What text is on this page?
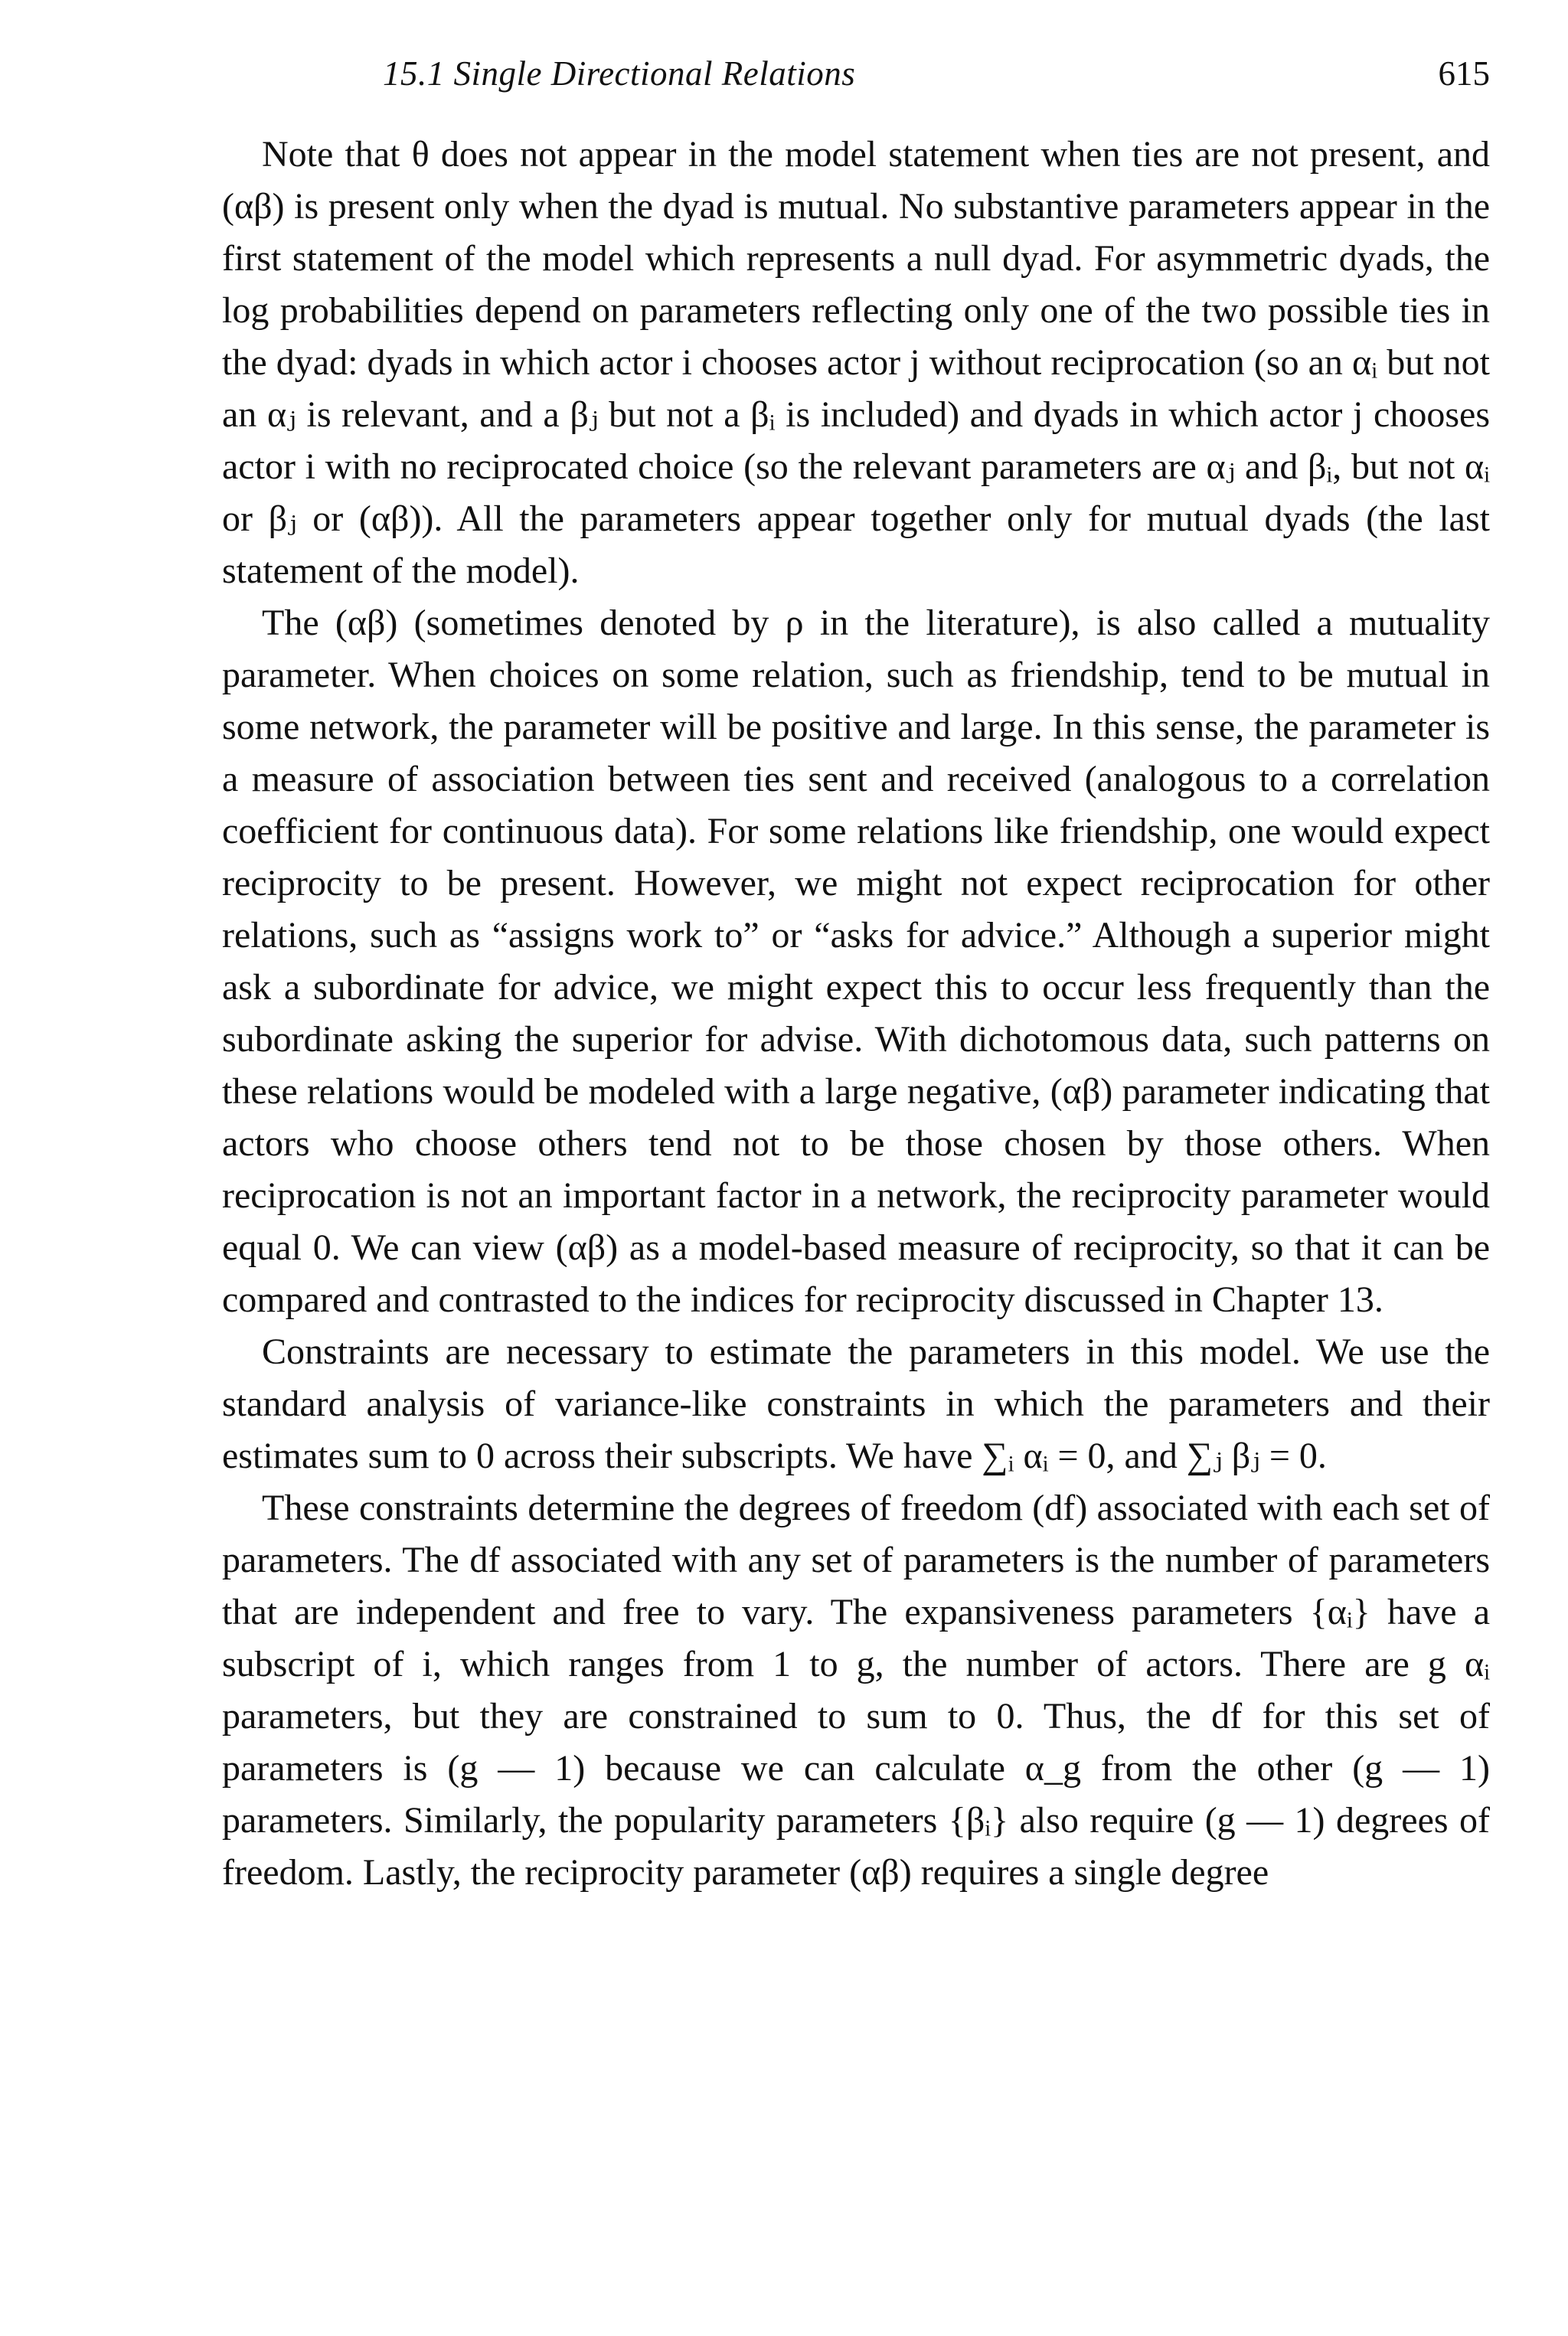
15.1 Single Directional Relations	615

Note that θ does not appear in the model statement when ties are not present, and (αβ) is present only when the dyad is mutual. No substantive parameters appear in the first statement of the model which represents a null dyad. For asymmetric dyads, the log probabilities depend on parameters reflecting only one of the two possible ties in the dyad: dyads in which actor i chooses actor j without reciprocation (so an αᵢ but not an αⱼ is relevant, and a βⱼ but not a βᵢ is included) and dyads in which actor j chooses actor i with no reciprocated choice (so the relevant parameters are αⱼ and βᵢ, but not αᵢ or βⱼ or (αβ)). All the parameters appear together only for mutual dyads (the last statement of the model).

The (αβ) (sometimes denoted by ρ in the literature), is also called a mutuality parameter. When choices on some relation, such as friendship, tend to be mutual in some network, the parameter will be positive and large. In this sense, the parameter is a measure of association between ties sent and received (analogous to a correlation coefficient for continuous data). For some relations like friendship, one would expect reciprocity to be present. However, we might not expect reciprocation for other relations, such as “assigns work to” or “asks for advice.” Although a superior might ask a subordinate for advice, we might expect this to occur less frequently than the subordinate asking the superior for advise. With dichotomous data, such patterns on these relations would be modeled with a large negative, (αβ) parameter indicating that actors who choose others tend not to be those chosen by those others. When reciprocation is not an important factor in a network, the reciprocity parameter would equal 0. We can view (αβ) as a model-based measure of reciprocity, so that it can be compared and contrasted to the indices for reciprocity discussed in Chapter 13.

Constraints are necessary to estimate the parameters in this model. We use the standard analysis of variance-like constraints in which the parameters and their estimates sum to 0 across their subscripts. We have ∑ᵢ αᵢ = 0, and ∑ⱼ βⱼ = 0.

These constraints determine the degrees of freedom (df) associated with each set of parameters. The df associated with any set of parameters is the number of parameters that are independent and free to vary. The expansiveness parameters {αᵢ} have a subscript of i, which ranges from 1 to g, the number of actors. There are g αᵢ parameters, but they are constrained to sum to 0. Thus, the df for this set of parameters is (g — 1) because we can calculate α_g from the other (g — 1) parameters. Similarly, the popularity parameters {βᵢ} also require (g — 1) degrees of freedom. Lastly, the reciprocity parameter (αβ) requires a single degree
